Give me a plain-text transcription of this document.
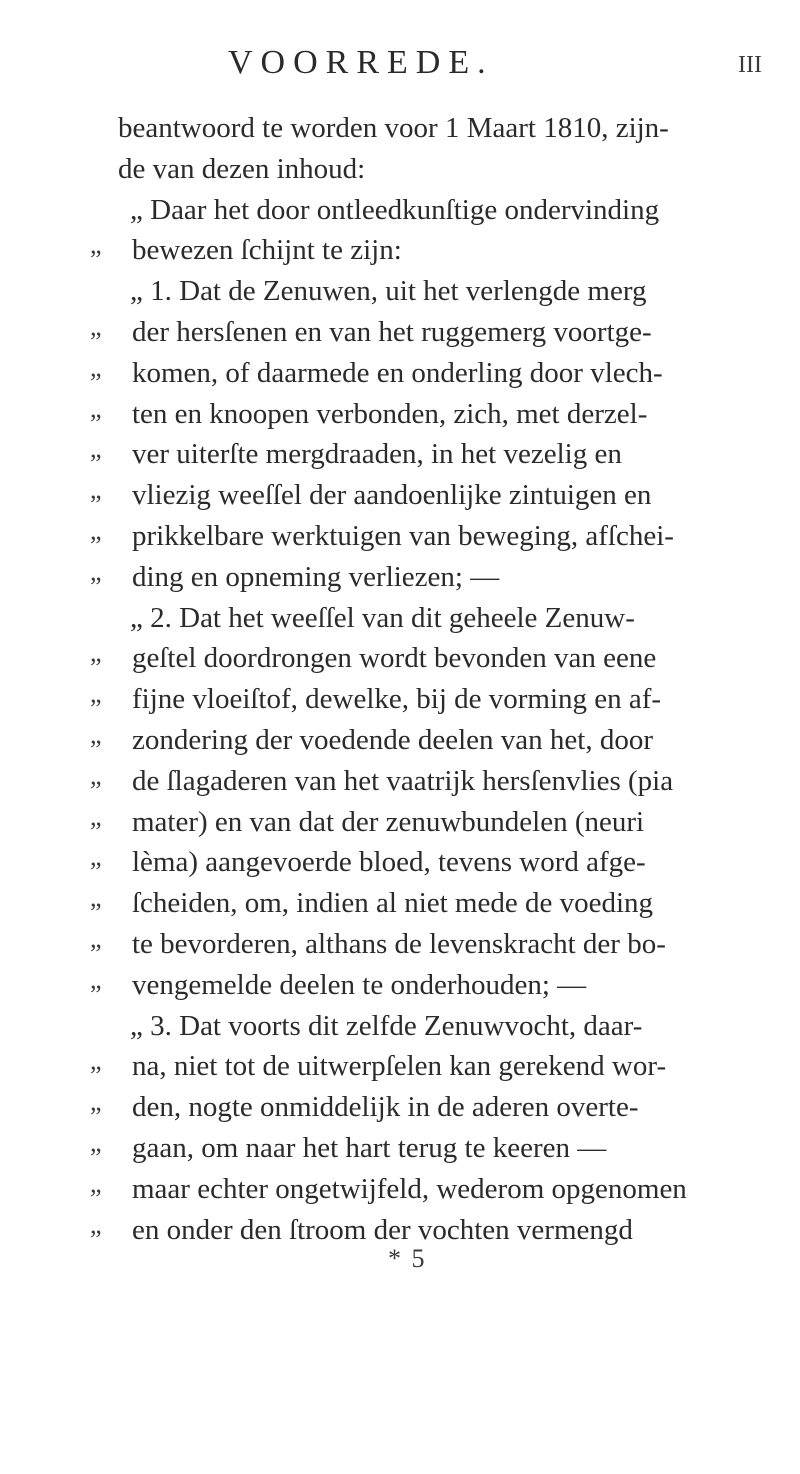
VOORREDE.	III
beantwoord te worden voor 1 Maart 1810, zijn-
de van dezen inhoud:
„ Daar het door ontleedkunſtige ondervinding
„	bewezen ſchijnt te zijn:
„ 1. Dat de Zenuwen, uit het verlengde merg
„	der hersſenen en van het ruggemerg voortge-
„	komen, of daarmede en onderling door vlech-
„	ten en knoopen verbonden, zich, met derzel-
„	ver uiterſte mergdraaden, in het vezelig en
„	vliezig weeſſel der aandoenlijke zintuigen en
„	prikkelbare werktuigen van beweging, afſchei-
„	ding en opneming verliezen; —
„ 2. Dat het weeſſel van dit geheele Zenuw-
„	geſtel doordrongen wordt bevonden van eene
„	fijne vloeiſtof, dewelke, bij de vorming en af-
„	zondering der voedende deelen van het, door
„	de ſlagaderen van het vaatrijk hersſenvlies (pia
„	mater) en van dat der zenuwbundelen (neuri
„	lèma) aangevoerde bloed, tevens word afge-
„	ſcheiden, om, indien al niet mede de voeding
„	te bevorderen, althans de levenskracht der bo-
„	vengemelde deelen te onderhouden; —
„ 3. Dat voorts dit zelfde Zenuwvocht, daar-
„	na, niet tot de uitwerpſelen kan gerekend wor-
„	den, nogte onmiddelijk in de aderen overte-
„	gaan, om naar het hart terug te keeren —
„	maar echter ongetwijfeld, wederom opgenomen
„	en onder den ſtroom der vochten vermengd
* 5
